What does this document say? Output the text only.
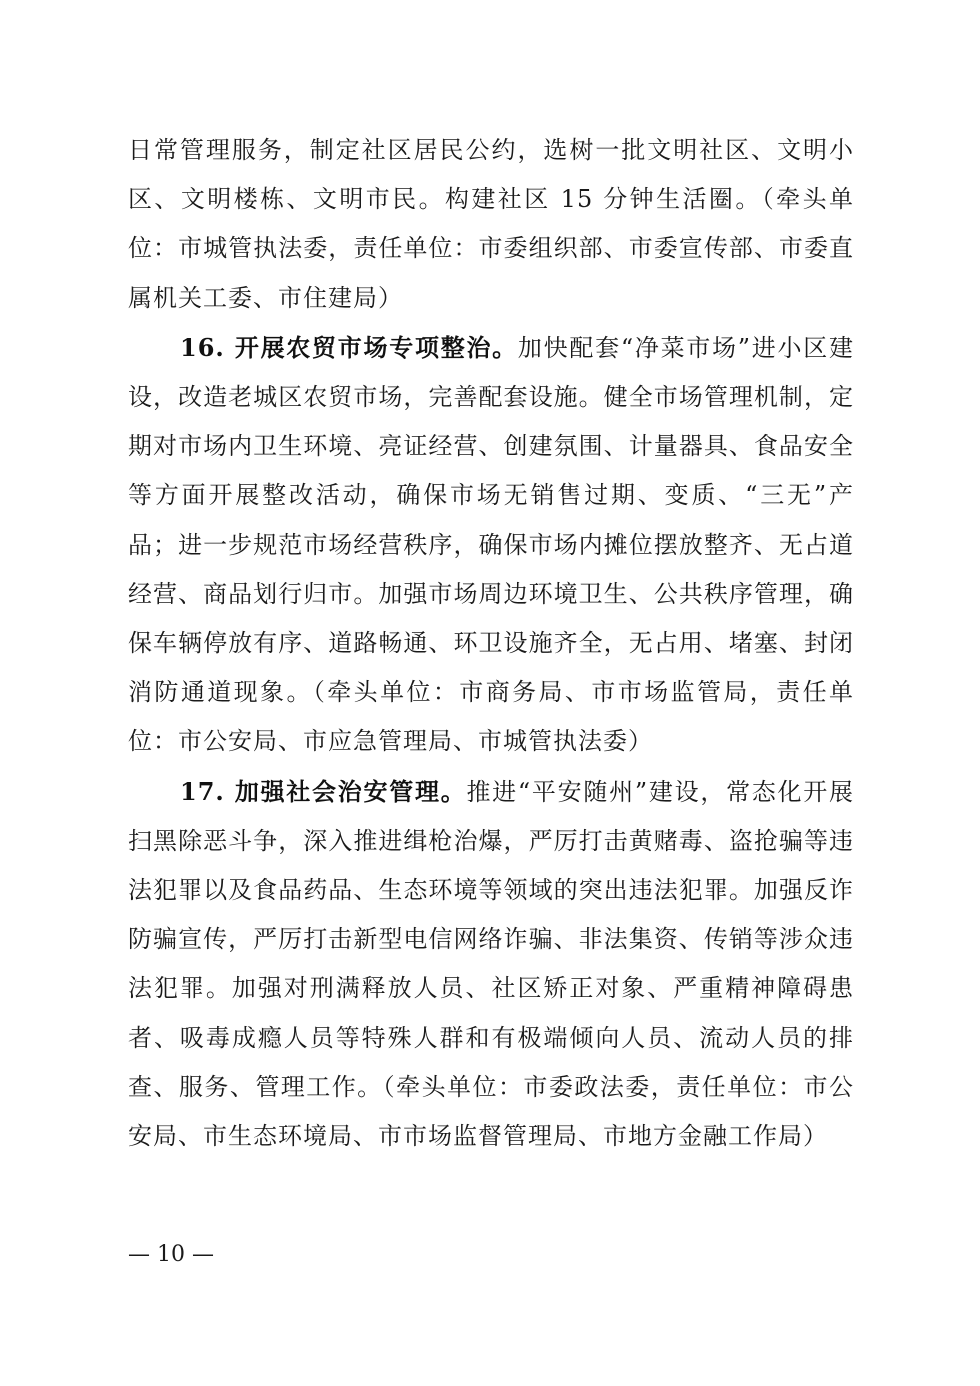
日常管理服务，制定社区居民公约，选树一批文明社区、文明小区、文明楼栋、文明市民。构建社区 15 分钟生活圈。（牵头单位：市城管执法委，责任单位：市委组织部、市委宣传部、市委直属机关工委、市住建局）

16. 开展农贸市场专项整治。加快配套“净菜市场”进小区建设，改造老城区农贸市场，完善配套设施。健全市场管理机制，定期对市场内卫生环境、亮证经营、创建氛围、计量器具、食品安全等方面开展整改活动，确保市场无销售过期、变质、“三无”产品；进一步规范市场经营秩序，确保市场内摊位摆放整齐、无占道经营、商品划行归市。加强市场周边环境卫生、公共秩序管理，确保车辆停放有序、道路畅通、环卫设施齐全，无占用、堵塞、封闭消防通道现象。（牵头单位：市商务局、市市场监管局，责任单位：市公安局、市应急管理局、市城管执法委）

17. 加强社会治安管理。推进“平安随州”建设，常态化开展扫黑除恶斗争，深入推进缉枪治爆，严厉打击黄赌毒、盗抢骗等违法犯罪以及食品药品、生态环境等领域的突出违法犯罪。加强反诈防骗宣传，严厉打击新型电信网络诈骗、非法集资、传销等涉众违法犯罪。加强对刑满释放人员、社区矫正对象、严重精神障碍患者、吸毒成瘾人员等特殊人群和有极端倾向人员、流动人员的排查、服务、管理工作。（牵头单位：市委政法委，责任单位：市公安局、市生态环境局、市市场监督管理局、市地方金融工作局）

— 10 —
